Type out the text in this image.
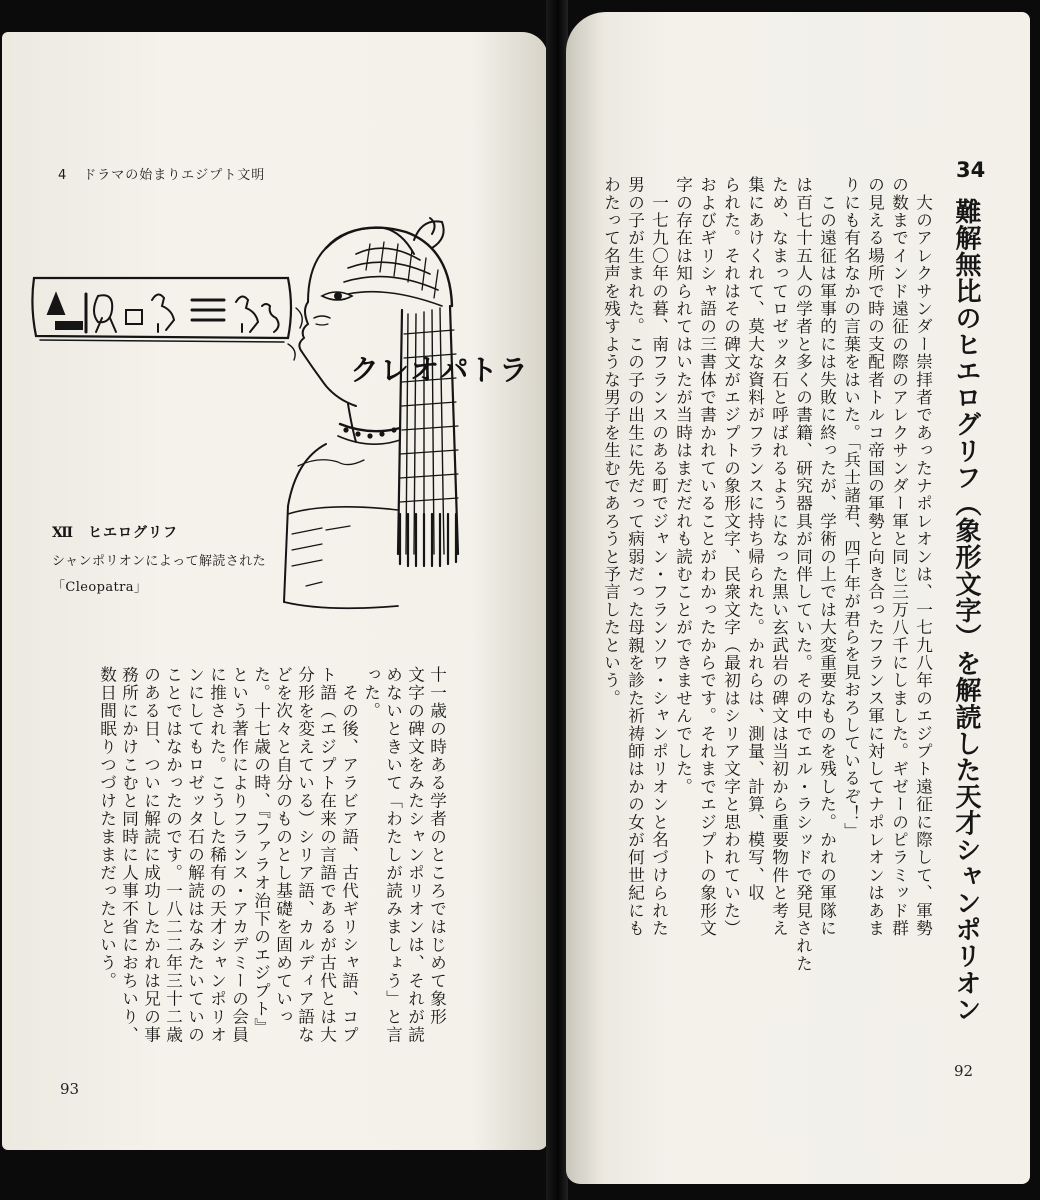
4 ドラマの始まりエジプト文明
クレオパトラ
Ⅻ ヒエログリフ
シャンポリオンによって解読された
「Cleopatra」
十一歳の時ある学者のところではじめて象形
文字の碑文をみたシャンポリオンは、それが読
めないときいて「わたしが読みましょう」と言
った。
　その後、アラビア語、古代ギリシャ語、コプ
ト語（エジプト在来の言語であるが古代とは大
分形を変えている）シリア語、カルディア語な
どを次々と自分のものとし基礎を固めていっ
た。十七歳の時、『ファラオ治下のエジプト』
という著作によりフランス・アカデミーの会員
に推された。こうした稀有の天才シャンポリオ
ンにしてもロゼッタ石の解読はなみたいていの
ことではなかったのです。一八二二年三十二歳
のある日、ついに解読に成功したかれは兄の事
務所にかけこむと同時に人事不省におちいり、
数日間眠りつづけたままだったという。
93
34
難解無比のヒエログリフ（象形文字）を解読した天才シャンポリオン
　大のアレクサンダー崇拝者であったナポレオンは、一七九八年のエジプト遠征に際して、軍勢
の数までインド遠征の際のアレクサンダー軍と同じ三万八千にしました。ギゼーのピラミッド群
の見える場所で時の支配者トルコ帝国の軍勢と向き合ったフランス軍に対してナポレオンはあま
りにも有名なかの言葉をはいた。「兵士諸君、四千年が君らを見おろしているぞ！」
　この遠征は軍事的には失敗に終ったが、学術の上では大変重要なものを残した。かれの軍隊に
は百七十五人の学者と多くの書籍、研究器具が同伴していた。その中でエル・ラシッドで発見された
ため、なまってロゼッタ石と呼ばれるようになった黒い玄武岩の碑文は当初から重要物件と考え
集にあけくれて、莫大な資料がフランスに持ち帰られた。かれらは、測量、計算、模写、収
られた。それはその碑文がエジプトの象形文字、民衆文字（最初はシリア文字と思われていた）
およびギリシャ語の三書体で書かれていることがわかったからです。それまでエジプトの象形文
字の存在は知られてはいたが当時はまだだれも読むことができませんでした。
　一七九〇年の暮、南フランスのある町でジャン・フランソワ・シャンポリオンと名づけられた
男の子が生まれた。この子の出生に先だって病弱だった母親を診た祈祷師はかの女が何世紀にも
わたって名声を残すような男子を生むであろうと予言したという。
92
